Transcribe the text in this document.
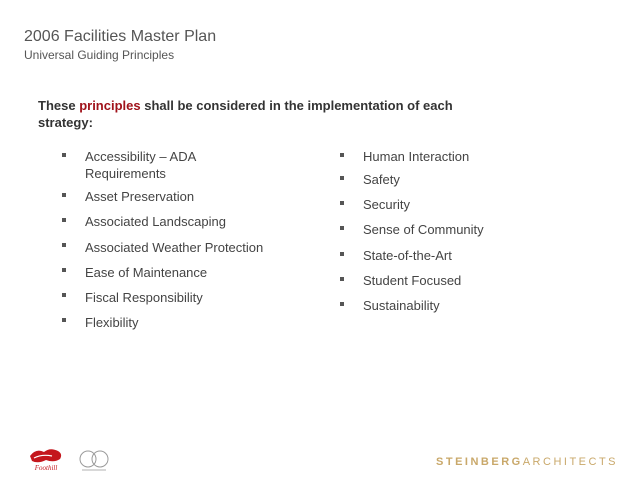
2006 Facilities Master Plan

Universal Guiding Principles

These principles shall be considered in the implementation of each strategy:

Accessibility – ADA Requirements
Asset Preservation
Associated Landscaping
Associated Weather Protection
Ease of Maintenance
Fiscal Responsibility
Flexibility
Human Interaction
Safety
Security
Sense of Community
State-of-the-Art
Student Focused
Sustainability
Foothill	STEINBERGARCHITECTS
